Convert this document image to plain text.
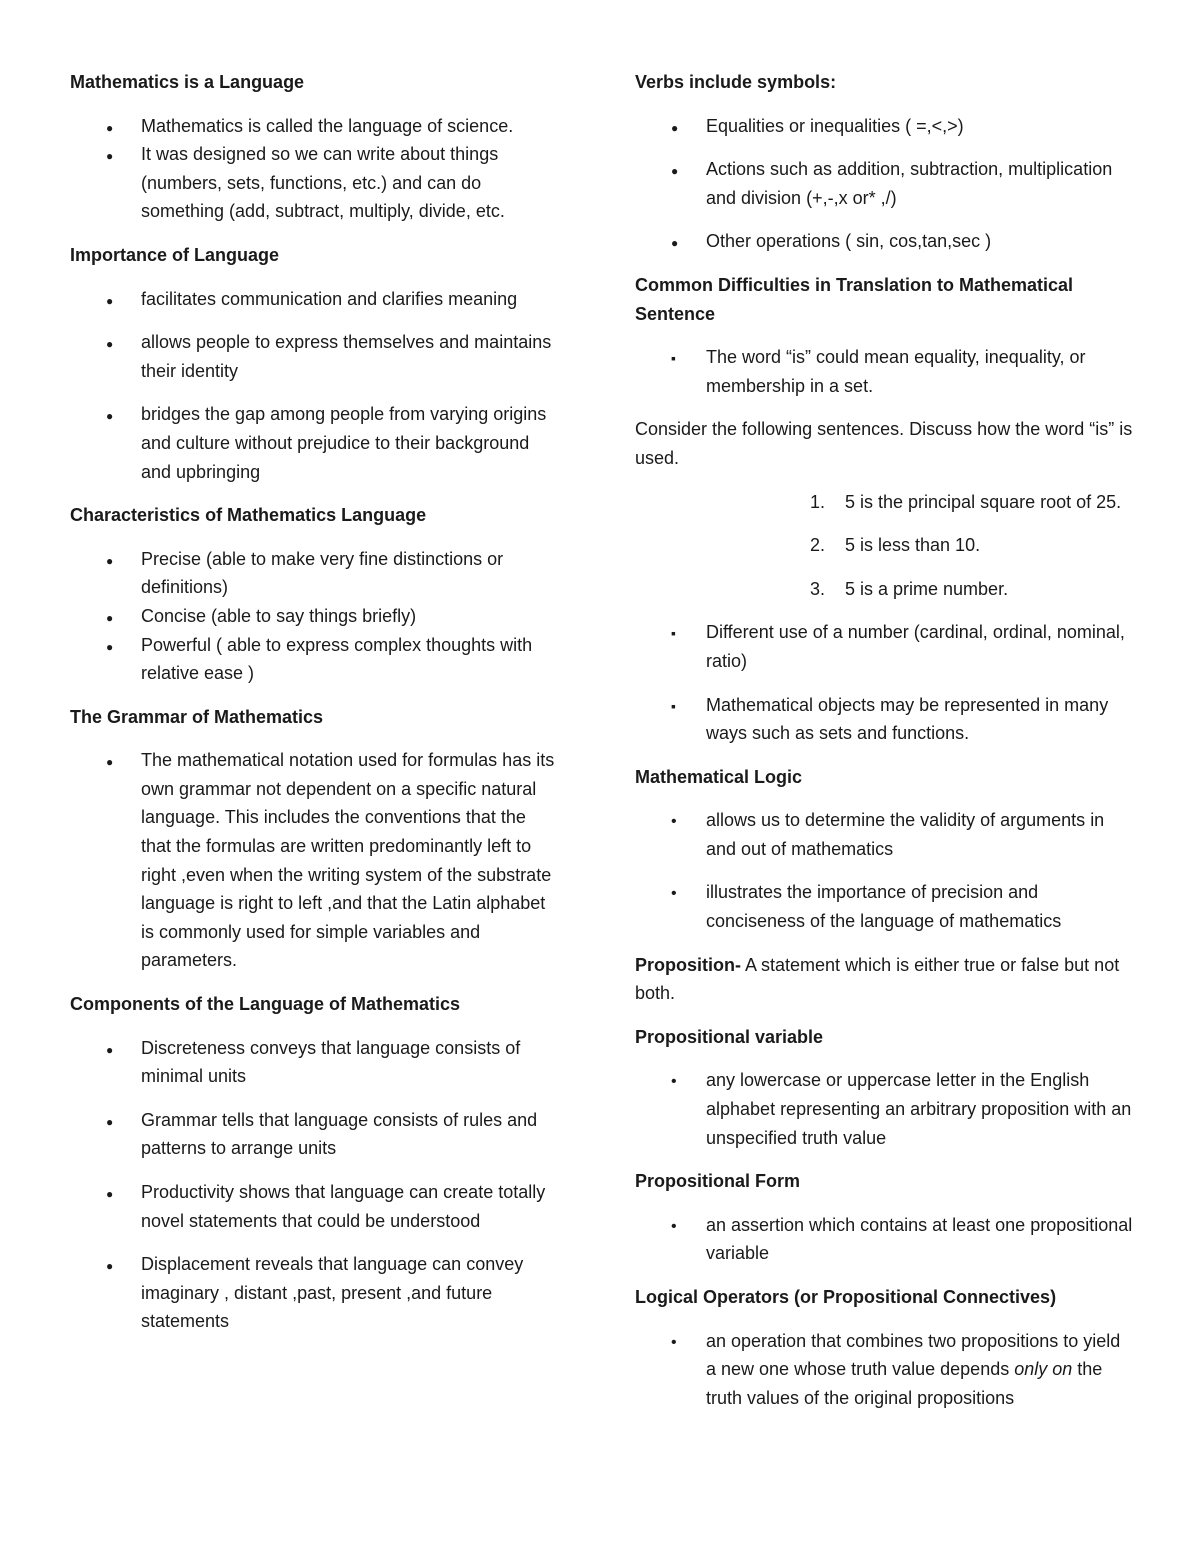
Mathematics is a Language
●
Mathematics is called the language of science.
●
It was designed so we can write about things (numbers, sets, functions, etc.) and can do something (add, subtract, multiply, divide, etc.
Importance of Language
●
facilitates communication and clarifies meaning
●
allows people to express themselves and maintains their identity
●
bridges the gap among people from varying origins and culture without prejudice to their background and upbringing
Characteristics of Mathematics Language
●
Precise (able to make very fine distinctions or definitions)
●
Concise (able to say things briefly)
●
Powerful ( able to express complex thoughts with relative ease )
The Grammar of Mathematics
●
The mathematical notation used for formulas has its own grammar not dependent on a specific natural language. This includes the conventions that the that the formulas are written predominantly left to right ,even when the writing system of the substrate language is right to left ,and that the Latin alphabet is commonly used for simple variables and parameters.
Components of the Language of Mathematics
●
Discreteness conveys that language consists of minimal units
●
Grammar tells that language consists of rules and patterns to arrange units
●
Productivity shows that language can create totally novel statements that could be understood
●
Displacement reveals that language can convey imaginary , distant ,past, present ,and future statements
Verbs include symbols:
●
Equalities or inequalities ( =,<,>)
●
Actions such as addition, subtraction, multiplication and division (+,-,x or* ,/)
●
Other operations ( sin, cos,tan,sec )
Common Difficulties in Translation to Mathematical Sentence
▪
The word “is” could mean equality, inequality, or membership in a set.
Consider the following sentences. Discuss how the word “is” is used.
1. 5 is the principal square root of 25.
2. 5 is less than 10.
3. 5 is a prime number.
▪
Different use of a number (cardinal, ordinal, nominal, ratio)
▪
Mathematical objects may be represented in many ways such as sets and functions.
Mathematical Logic
•
allows us to determine the validity of arguments in and out of mathematics
•
illustrates the importance of precision and conciseness of the language of mathematics
Proposition- A statement which is either true or false but not both.
Propositional variable
•
any lowercase or uppercase letter in the English alphabet representing an arbitrary proposition with an unspecified truth value
Propositional Form
•
an assertion which contains at least one propositional variable
Logical Operators (or Propositional Connectives)
•
an operation that combines two propositions to yield a new one whose truth value depends only on the truth values of the original propositions
